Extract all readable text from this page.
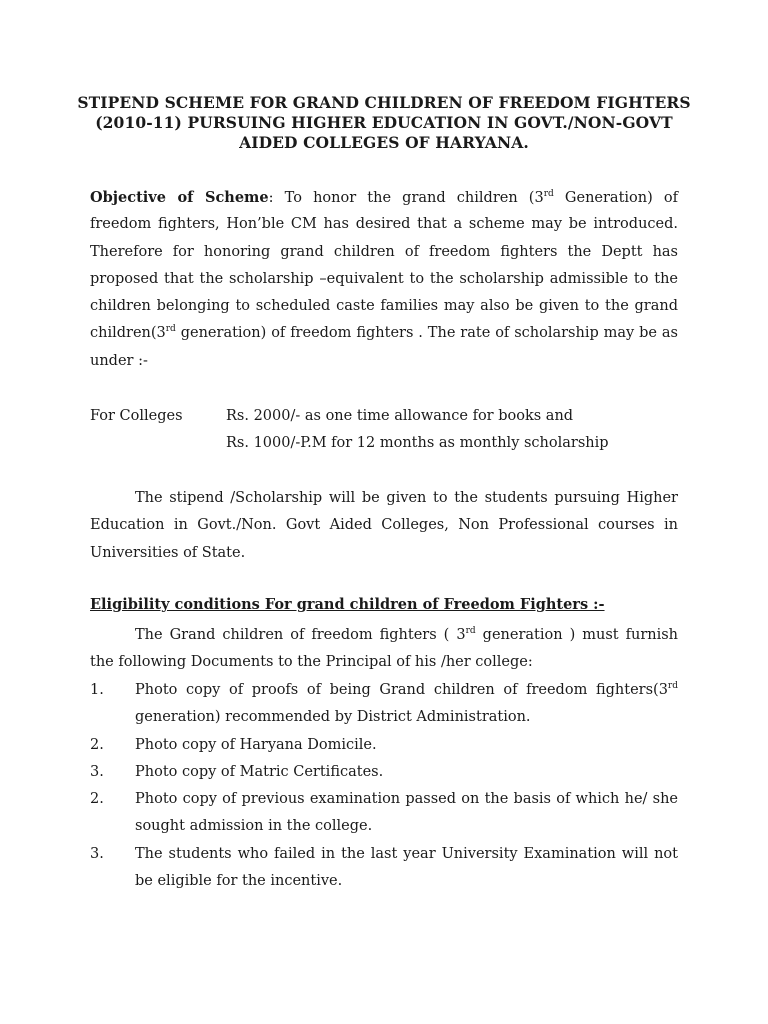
STIPEND SCHEME FOR GRAND CHILDREN OF FREEDOM FIGHTERS
(2010-11) PURSUING HIGHER EDUCATION IN GOVT./NON-GOVT
AIDED COLLEGES OF HARYANA.
Objective of Scheme: To honor the grand children (3rd Generation) of
freedom fighters, Hon’ble CM has desired that a scheme may be introduced.
Therefore for honoring grand children of freedom fighters the Deptt has
proposed that the scholarship –equivalent to the scholarship admissible to the
children belonging to scheduled caste families may also be given to the grand
children(3rd generation) of freedom fighters . The rate of scholarship may be as
under :-
For Colleges	Rs. 2000/- as one time allowance for books and
Rs. 1000/-P.M for 12 months as monthly scholarship
The stipend /Scholarship will be given to the students pursuing Higher
Education in Govt./Non. Govt Aided Colleges, Non Professional courses in
Universities of State.
Eligibility conditions For grand children of Freedom Fighters :-
The Grand children of freedom fighters ( 3rd generation ) must furnish
the following Documents to the Principal of his /her college:
1.	Photo copy of proofs of being Grand children of freedom fighters(3rd
generation) recommended by District Administration.
2.	Photo copy of Haryana Domicile.
3.	Photo copy of Matric Certificates.
2.	Photo copy of previous examination passed on the basis of which he/ she
sought admission in the college.
3.	The students who failed in the last year University Examination will not
be eligible for the incentive.
